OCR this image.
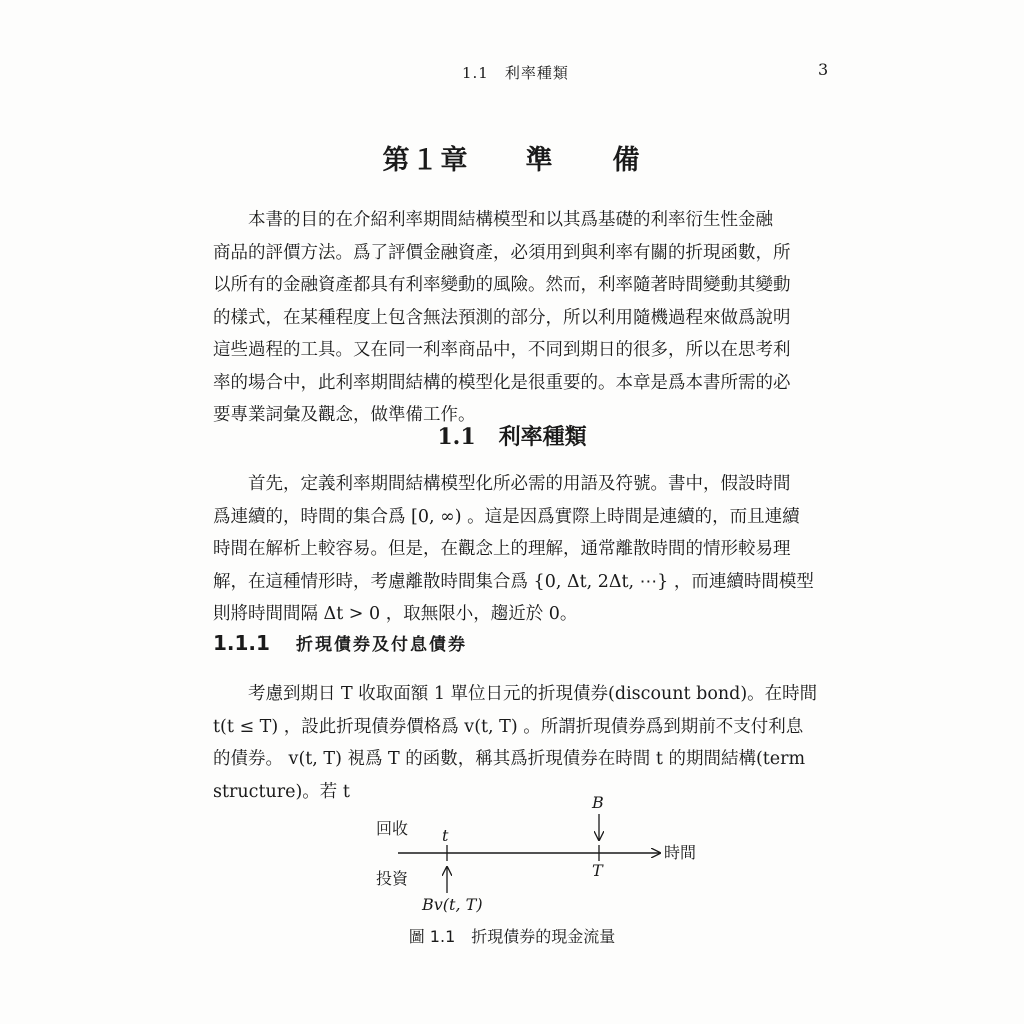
1.1　利率種類	3
第１章 準　　備
本書的目的在介紹利率期間結構模型和以其爲基礎的利率衍生性金融
商品的評價方法。爲了評價金融資產，必須用到與利率有關的折現函數，所
以所有的金融資產都具有利率變動的風險。然而，利率隨著時間變動其變動
的樣式，在某種程度上包含無法預測的部分，所以利用隨機過程來做爲說明
這些過程的工具。又在同一利率商品中，不同到期日的很多，所以在思考利
率的場合中，此利率期間結構的模型化是很重要的。本章是爲本書所需的必
要專業詞彙及觀念，做準備工作。
1.1 利率種類
首先，定義利率期間結構模型化所必需的用語及符號。書中，假設時間
爲連續的，時間的集合爲 [0, ∞) 。這是因爲實際上時間是連續的，而且連續
時間在解析上較容易。但是，在觀念上的理解，通常離散時間的情形較易理
解，在這種情形時，考慮離散時間集合爲 {0, Δt, 2Δt, ⋯} ，而連續時間模型
則將時間間隔 Δt > 0 ，取無限小，趨近於 0。
1.1.1 折現債券及付息債券
考慮到期日 T 收取面額 1 單位日元的折現債券(discount bond)。在時間
t(t ≤ T) ，設此折現債券價格爲 v(t, T) 。所謂折現債券爲到期前不支付利息
的債券。 v(t, T) 視爲 T 的函數，稱其爲折現債券在時間 t 的期間結構(term
structure)。若 t
回收
投資
時間
t
T
B
Bv(t, T)
圖 1.1 折現債券的現金流量
